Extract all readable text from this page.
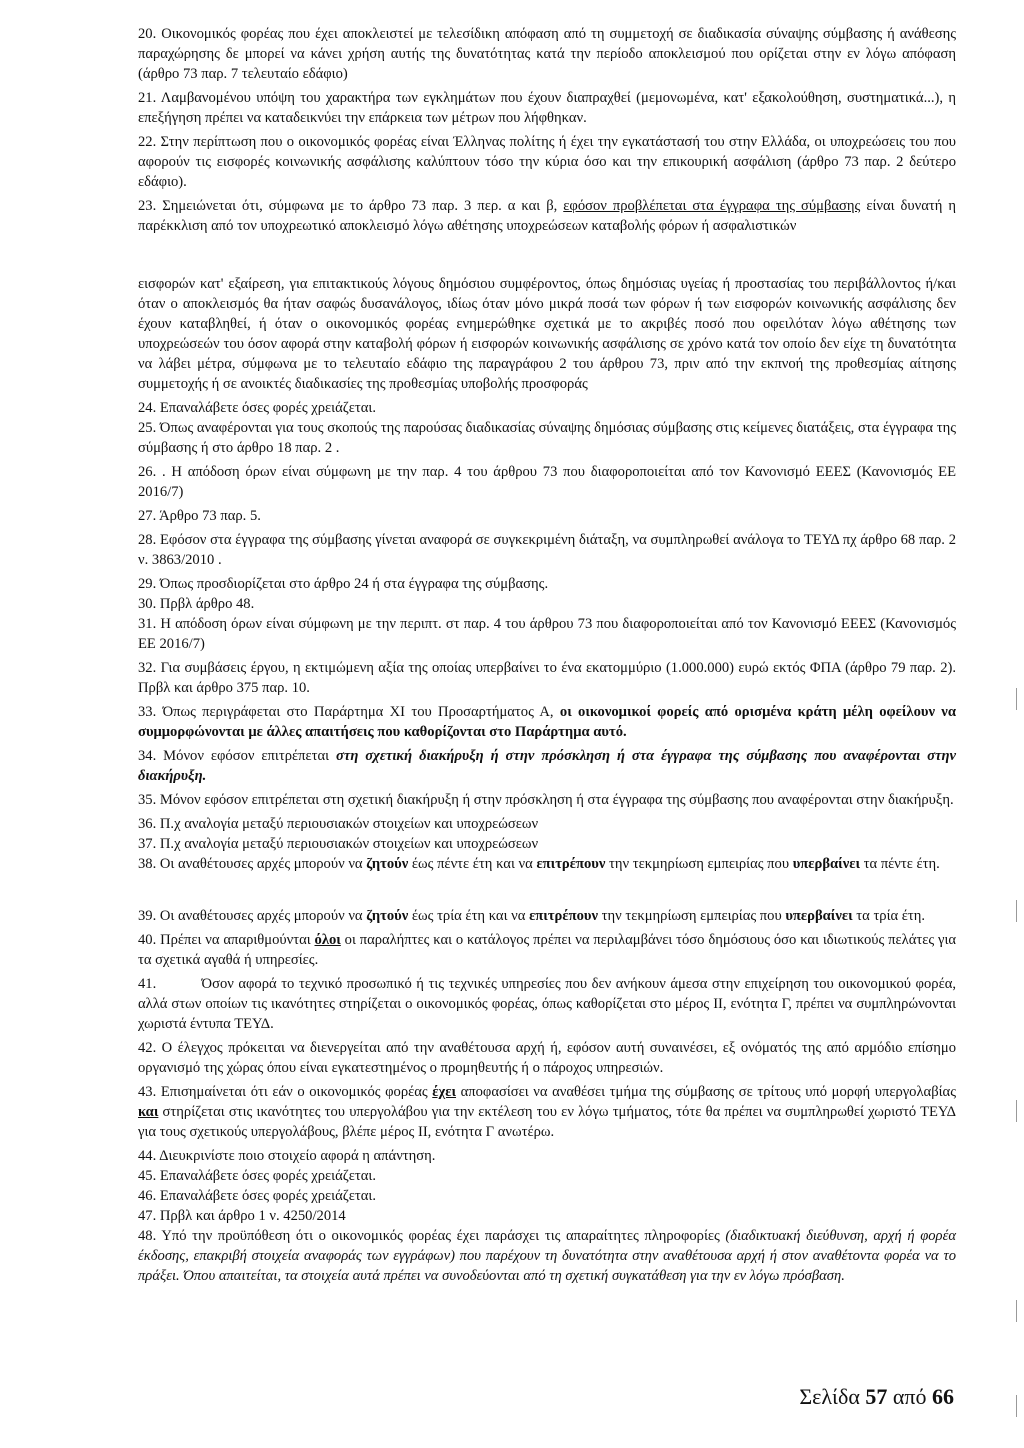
20. Οικονομικός φορέας που έχει αποκλειστεί με τελεσίδικη απόφαση από τη συμμετοχή σε διαδικασία σύναψης σύμβασης ή ανάθεσης παραχώρησης δε μπορεί να κάνει χρήση αυτής της δυνατότητας κατά την περίοδο αποκλεισμού που ορίζεται στην εν λόγω απόφαση (άρθρο 73 παρ. 7 τελευταίο εδάφιο)

21. Λαμβανομένου υπόψη του χαρακτήρα των εγκλημάτων που έχουν διαπραχθεί (μεμονωμένα, κατ' εξακολούθηση, συστηματικά...), η επεξήγηση πρέπει να καταδεικνύει την επάρκεια των μέτρων που λήφθηκαν.

22. Στην περίπτωση που ο οικονομικός φορέας είναι Έλληνας πολίτης ή έχει την εγκατάστασή του στην Ελλάδα, οι υποχρεώσεις του που αφορούν τις εισφορές κοινωνικής ασφάλισης καλύπτουν τόσο την κύρια όσο και την επικουρική ασφάλιση (άρθρο 73 παρ. 2 δεύτερο εδάφιο).

23. Σημειώνεται ότι, σύμφωνα με το άρθρο 73 παρ. 3 περ. α και β, εφόσον προβλέπεται στα έγγραφα της σύμβασης είναι δυνατή η παρέκκλιση από τον υποχρεωτικό αποκλεισμό λόγω αθέτησης υποχρεώσεων καταβολής φόρων ή ασφαλιστικών

εισφορών κατ' εξαίρεση, για επιτακτικούς λόγους δημόσιου συμφέροντος, όπως δημόσιας υγείας ή προστασίας του περιβάλλοντος ή/και όταν ο αποκλεισμός θα ήταν σαφώς δυσανάλογος, ιδίως όταν μόνο μικρά ποσά των φόρων ή των εισφορών κοινωνικής ασφάλισης δεν έχουν καταβληθεί, ή όταν ο οικονομικός φορέας ενημερώθηκε σχετικά με το ακριβές ποσό που οφειλόταν λόγω αθέτησης των υποχρεώσεών του όσον αφορά στην καταβολή φόρων ή εισφορών κοινωνικής ασφάλισης σε χρόνο κατά τον οποίο δεν είχε τη δυνατότητα να λάβει μέτρα, σύμφωνα με το τελευταίο εδάφιο της παραγράφου 2 του άρθρου 73, πριν από την εκπνοή της προθεσμίας αίτησης συμμετοχής ή σε ανοικτές διαδικασίες της προθεσμίας υποβολής προσφοράς

24. Επαναλάβετε όσες φορές χρειάζεται.

25. Όπως αναφέρονται για τους σκοπούς της παρούσας διαδικασίας σύναψης δημόσιας σύμβασης στις κείμενες διατάξεις, στα έγγραφα της σύμβασης ή στο άρθρο 18 παρ. 2 .

26. . Η απόδοση όρων είναι σύμφωνη με την παρ. 4 του άρθρου 73 που διαφοροποιείται από τον Κανονισμό ΕΕΕΣ (Κανονισμός ΕΕ 2016/7)

27. Άρθρο 73 παρ. 5.

28. Εφόσον στα έγγραφα της σύμβασης γίνεται αναφορά σε συγκεκριμένη διάταξη, να συμπληρωθεί ανάλογα το ΤΕΥΔ πχ άρθρο 68 παρ. 2 ν. 3863/2010 .

29. Όπως προσδιορίζεται στο άρθρο 24 ή στα έγγραφα της σύμβασης.

30. Πρβλ άρθρο 48.

31. Η απόδοση όρων είναι σύμφωνη με την περιπτ. στ παρ. 4 του άρθρου 73 που διαφοροποιείται από τον Κανονισμό ΕΕΕΣ (Κανονισμός ΕΕ 2016/7)

32. Για συμβάσεις έργου, η εκτιμώμενη αξία της οποίας υπερβαίνει το ένα εκατομμύριο (1.000.000) ευρώ εκτός ΦΠΑ (άρθρο 79 παρ. 2). Πρβλ και άρθρο 375 παρ. 10.

33. Όπως περιγράφεται στο Παράρτημα XI του Προσαρτήματος Α, οι οικονομικοί φορείς από ορισμένα κράτη μέλη οφείλουν να συμμορφώνονται με άλλες απαιτήσεις που καθορίζονται στο Παράρτημα αυτό.

34. Μόνον εφόσον επιτρέπεται στη σχετική διακήρυξη ή στην πρόσκληση ή στα έγγραφα της σύμβασης που αναφέρονται στην διακήρυξη.

35. Μόνον εφόσον επιτρέπεται στη σχετική διακήρυξη ή στην πρόσκληση ή στα έγγραφα της σύμβασης που αναφέρονται στην διακήρυξη.

36. Π.χ αναλογία μεταξύ περιουσιακών στοιχείων και υποχρεώσεων

37. Π.χ αναλογία μεταξύ περιουσιακών στοιχείων και υποχρεώσεων

38. Οι αναθέτουσες αρχές μπορούν να ζητούν έως πέντε έτη και να επιτρέπουν την τεκμηρίωση εμπειρίας που υπερβαίνει τα πέντε έτη.

39. Οι αναθέτουσες αρχές μπορούν να ζητούν έως τρία έτη και να επιτρέπουν την τεκμηρίωση εμπειρίας που υπερβαίνει τα τρία έτη.

40. Πρέπει να απαριθμούνται όλοι οι παραλήπτες και ο κατάλογος πρέπει να περιλαμβάνει τόσο δημόσιους όσο και ιδιωτικούς πελάτες για τα σχετικά αγαθά ή υπηρεσίες.

41.          Όσον αφορά το τεχνικό προσωπικό ή τις τεχνικές υπηρεσίες που δεν ανήκουν άμεσα στην επιχείρηση του οικονομικού φορέα, αλλά στων οποίων τις ικανότητες στηρίζεται ο οικονομικός φορέας, όπως καθορίζεται στο μέρος II, ενότητα Γ, πρέπει να συμπληρώνονται χωριστά έντυπα ΤΕΥΔ.

42. Ο έλεγχος πρόκειται να διενεργείται από την αναθέτουσα αρχή ή, εφόσον αυτή συναινέσει, εξ ονόματός της από αρμόδιο επίσημο οργανισμό της χώρας όπου είναι εγκατεστημένος ο προμηθευτής ή ο πάροχος υπηρεσιών.

43. Επισημαίνεται ότι εάν ο οικονομικός φορέας έχει αποφασίσει να αναθέσει τμήμα της σύμβασης σε τρίτους υπό μορφή υπεργολαβίας και στηρίζεται στις ικανότητες του υπεργολάβου για την εκτέλεση του εν λόγω τμήματος, τότε θα πρέπει να συμπληρωθεί χωριστό ΤΕΥΔ για τους σχετικούς υπεργολάβους, βλέπε μέρος II, ενότητα Γ ανωτέρω.

44. Διευκρινίστε ποιο στοιχείο αφορά η απάντηση.

45. Επαναλάβετε όσες φορές χρειάζεται.

46. Επαναλάβετε όσες φορές χρειάζεται.

47. Πρβλ και άρθρο 1 ν. 4250/2014

48. Υπό την προϋπόθεση ότι ο οικονομικός φορέας έχει παράσχει τις απαραίτητες πληροφορίες (διαδικτυακή διεύθυνση, αρχή ή φορέα έκδοσης, επακριβή στοιχεία αναφοράς των εγγράφων) που παρέχουν τη δυνατότητα στην αναθέτουσα αρχή ή στον αναθέτοντα φορέα να το πράξει. Όπου απαιτείται, τα στοιχεία αυτά πρέπει να συνοδεύονται από τη σχετική συγκατάθεση για την εν λόγω πρόσβαση.

Σελίδα 57 από 66
